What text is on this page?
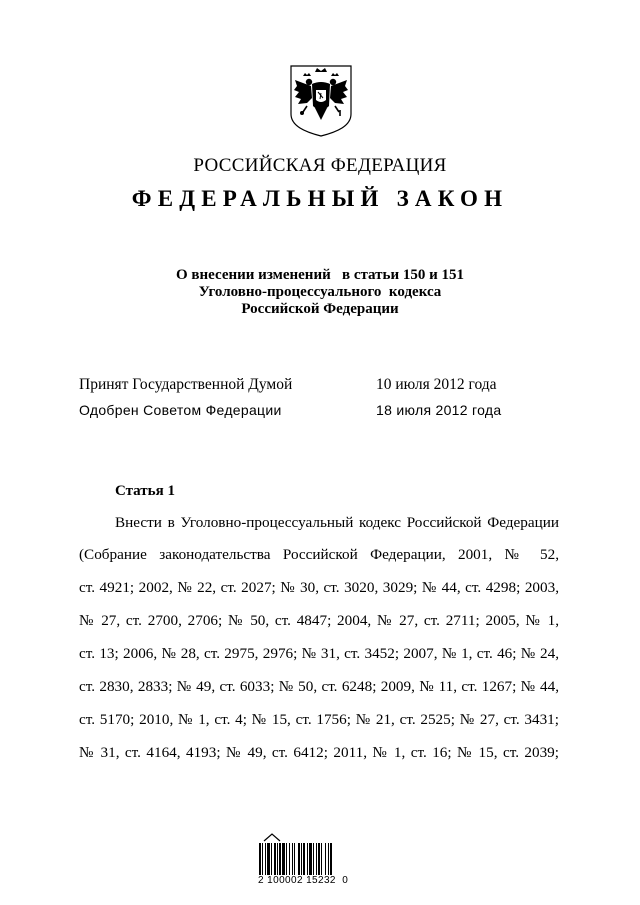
РОССИЙСКАЯ ФЕДЕРАЦИЯ
ФЕДЕРАЛЬНЫЙ ЗАКОН
О внесении изменений   в статьи 150 и 151
Уголовно-процессуального  кодекса
Российской Федерации
Принят Государственной Думой	10 июля 2012 года
Одобрен Советом Федерации	18 июля 2012 года
Статья 1
Внести в Уголовно-процессуальный кодекс Российской Федерации
(Собрание законодательства Российской Федерации, 2001, № 52,
ст. 4921; 2002, № 22, ст. 2027; № 30, ст. 3020, 3029; № 44, ст. 4298; 2003,
№ 27, ст. 2700, 2706; № 50, ст. 4847; 2004, № 27, ст. 2711; 2005, № 1,
ст. 13; 2006, № 28, ст. 2975, 2976; № 31, ст. 3452; 2007, № 1, ст. 46; № 24,
ст. 2830, 2833; № 49, ст. 6033; № 50, ст. 6248; 2009, № 11, ст. 1267; № 44,
ст. 5170; 2010, № 1, ст. 4; № 15, ст. 1756; № 21, ст. 2525; № 27, ст. 3431;
№ 31, ст. 4164, 4193; № 49, ст. 6412; 2011, № 1, ст. 16; № 15, ст. 2039;
2 100002 15232  0
